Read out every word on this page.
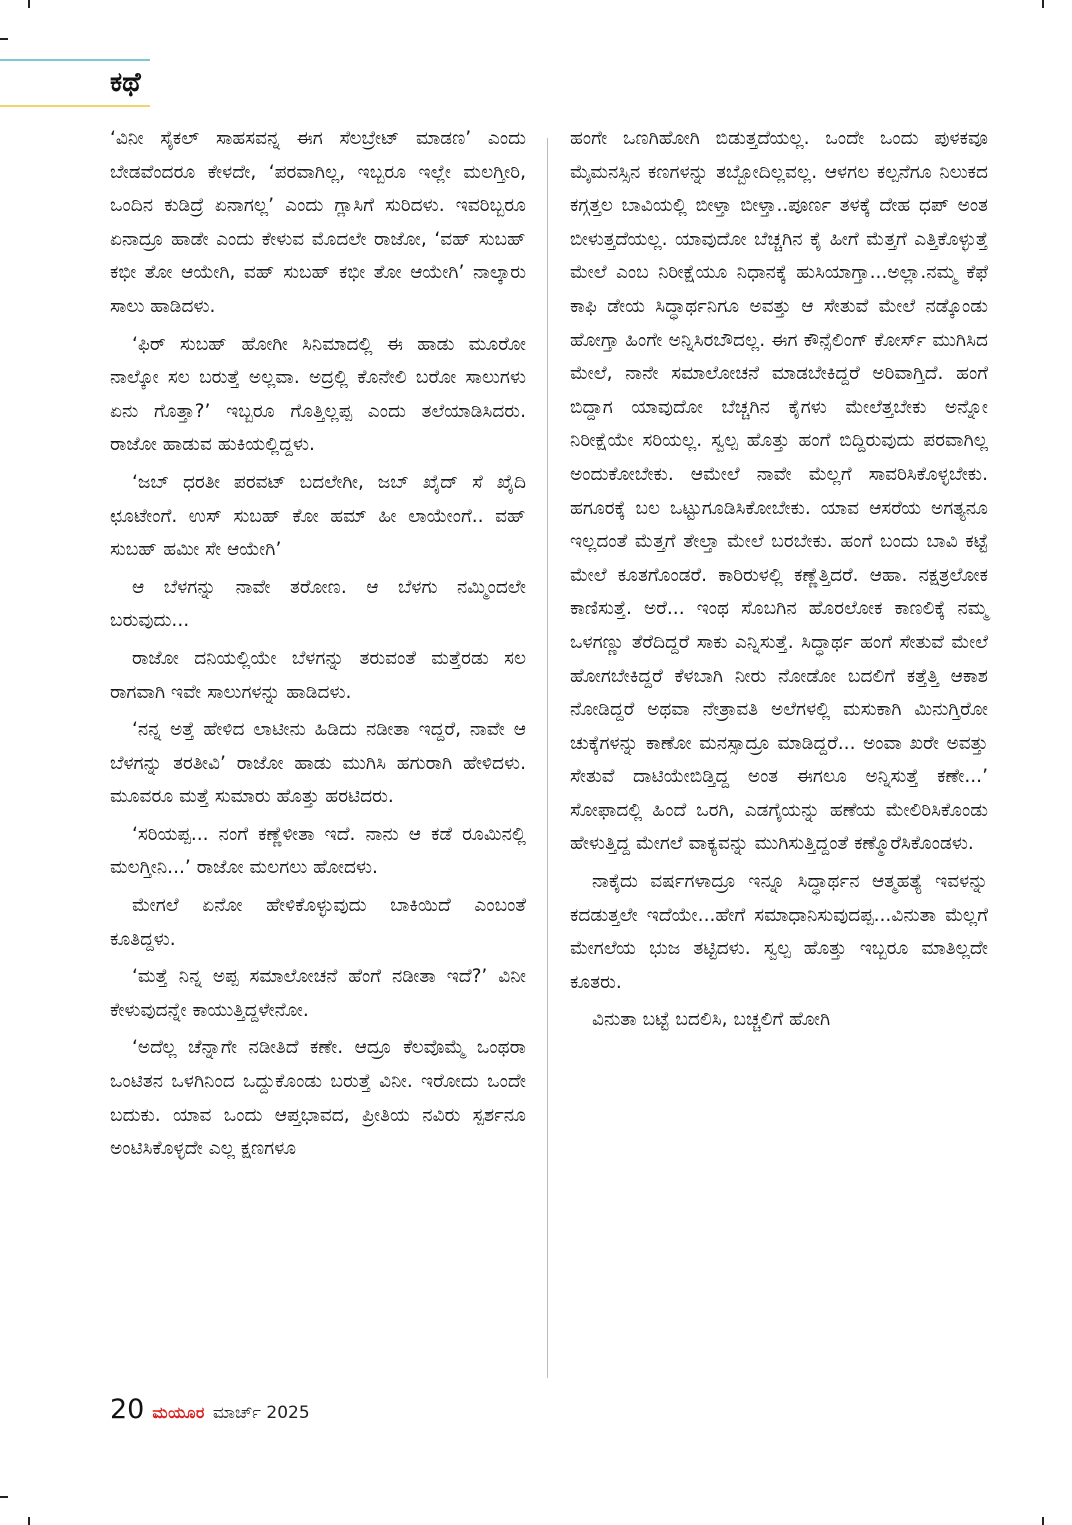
ಕಥೆ

‘ವಿನೀ ಸೈಕಲ್ ಸಾಹಸವನ್ನ ಈಗ ಸೆಲಬ್ರೇಟ್ ಮಾಡಣ’ ಎಂದು ಬೇಡವೆಂದರೂ ಕೇಳದೇ, ‘ಪರವಾಗಿಲ್ಲ, ಇಬ್ಬರೂ ಇಲ್ಲೇ ಮಲಗ್ತೀರಿ, ಒಂದಿನ ಕುಡಿದ್ರೆ ಏನಾಗಲ್ಲ’ ಎಂದು ಗ್ಲಾಸಿಗೆ ಸುರಿದಳು. ಇವರಿಬ್ಬರೂ ಏನಾದ್ರೂ ಹಾಡೇ ಎಂದು ಕೇಳುವ ಮೊದಲೇ ರಾಜೋ, ‘ವಹ್ ಸುಬಹ್ ಕಭೀ ತೋ ಆಯೇಗಿ, ವಹ್ ಸುಬಹ್ ಕಭೀ ತೋ ಆಯೇಗಿ’ ನಾಲ್ಕಾರು ಸಾಲು ಹಾಡಿದಳು.

‘ಫಿರ್ ಸುಬಹ್ ಹೋಗೀ ಸಿನಿಮಾದಲ್ಲಿ ಈ ಹಾಡು ಮೂರೋ ನಾಲ್ಕೋ ಸಲ ಬರುತ್ತೆ ಅಲ್ಲವಾ. ಅದ್ರಲ್ಲಿ ಕೊನೇಲಿ ಬರೋ ಸಾಲುಗಳು ಏನು ಗೊತ್ತಾ?’ ಇಬ್ಬರೂ ಗೊತ್ತಿಲ್ಲಪ್ಪ ಎಂದು ತಲೆಯಾಡಿಸಿದರು. ರಾಜೋ ಹಾಡುವ ಹುಕಿಯಲ್ಲಿದ್ದಳು.

‘ಜಬ್ ಧರತೀ ಪರವಟ್ ಬದಲೇಗೀ, ಜಬ್ ಖೈದ್ ಸೆ ಖೈದಿ ಛೂಟೇಂಗೆ. ಉಸ್ ಸುಬಹ್ ಕೋ ಹಮ್ ಹೀ ಲಾಯೇಂಗೆ.. ವಹ್ ಸುಬಹ್ ಹಮೀ ಸೇ ಆಯೇಗಿ’

ಆ ಬೆಳಗನ್ನು ನಾವೇ ತರೋಣ. ಆ ಬೆಳಗು ನಮ್ಮಿಂದಲೇ ಬರುವುದು...

ರಾಜೋ ದನಿಯಲ್ಲಿಯೇ ಬೆಳಗನ್ನು ತರುವಂತೆ ಮತ್ತೆರಡು ಸಲ ರಾಗವಾಗಿ ಇವೇ ಸಾಲುಗಳನ್ನು ಹಾಡಿದಳು.

‘ನನ್ನ ಅತ್ತೆ ಹೇಳಿದ ಲಾಟೀನು ಹಿಡಿದು ನಡೀತಾ ಇದ್ದರೆ, ನಾವೇ ಆ ಬೆಳಗನ್ನು ತರತೀವಿ’ ರಾಜೋ ಹಾಡು ಮುಗಿಸಿ ಹಗುರಾಗಿ ಹೇಳಿದಳು. ಮೂವರೂ ಮತ್ತೆ ಸುಮಾರು ಹೊತ್ತು ಹರಟಿದರು.

‘ಸರಿಯಪ್ಪ... ನಂಗೆ ಕಣ್ಣೆಳೀತಾ ಇದೆ. ನಾನು ಆ ಕಡೆ ರೂಮಿನಲ್ಲಿ ಮಲಗ್ತೀನಿ...’ ರಾಜೋ ಮಲಗಲು ಹೋದಳು.

ಮೇಗಲೆ ಏನೋ ಹೇಳಿಕೊಳ್ಳುವುದು ಬಾಕಿಯಿದೆ ಎಂಬಂತೆ ಕೂತಿದ್ದಳು.

‘ಮತ್ತೆ ನಿನ್ನ ಅಪ್ಪ ಸಮಾಲೋಚನೆ ಹೆಂಗೆ ನಡೀತಾ ಇದೆ?’ ವಿನೀ ಕೇಳುವುದನ್ನೇ ಕಾಯುತ್ತಿದ್ದಳೇನೋ.

‘ಅದೆಲ್ಲ ಚೆನ್ನಾಗೇ ನಡೀತಿದೆ ಕಣೇ. ಆದ್ರೂ ಕೆಲವೊಮ್ಮೆ ಒಂಥರಾ ಒಂಟಿತನ ಒಳಗಿನಿಂದ ಒದ್ದುಕೊಂಡು ಬರುತ್ತೆ ವಿನೀ. ಇರೋದು ಒಂದೇ ಬದುಕು. ಯಾವ ಒಂದು ಆಪ್ತಭಾವದ, ಪ್ರೀತಿಯ ನವಿರು ಸ್ಪರ್ಶನೂ ಅಂಟಿಸಿಕೊಳ್ಳದೇ ಎಲ್ಲ ಕ್ಷಣಗಳೂ

ಹಂಗೇ ಒಣಗಿಹೋಗಿ ಬಿಡುತ್ತದೆಯಲ್ಲ. ಒಂದೇ ಒಂದು ಪುಳಕವೂ ಮೈಮನಸ್ಸಿನ ಕಣಗಳನ್ನು ತಬ್ಬೋದಿಲ್ಲವಲ್ಲ. ಆಳಗಲ ಕಲ್ಪನೆಗೂ ನಿಲುಕದ ಕಗ್ಗತ್ತಲ ಬಾವಿಯಲ್ಲಿ ಬೀಳ್ತಾ ಬೀಳ್ತಾ..ಪೂರ್ಣ ತಳಕ್ಕೆ ದೇಹ ಧಪ್ ಅಂತ ಬೀಳುತ್ತದೆಯಲ್ಲ. ಯಾವುದೋ ಬೆಚ್ಚಗಿನ ಕೈ ಹೀಗೆ ಮೆತ್ತಗೆ ಎತ್ತಿಕೊಳ್ಳುತ್ತೆ ಮೇಲೆ ಎಂಬ ನಿರೀಕ್ಷೆಯೂ ನಿಧಾನಕ್ಕೆ ಹುಸಿಯಾಗ್ತಾ...ಅಲ್ಲಾ.ನಮ್ಮ ಕೆಫೆ ಕಾಫಿ ಡೇಯ ಸಿದ್ಧಾರ್ಥನಿಗೂ ಅವತ್ತು ಆ ಸೇತುವೆ ಮೇಲೆ ನಡ್ಕೊಂಡು ಹೋಗ್ತಾ ಹಿಂಗೇ ಅನ್ನಿಸಿರಬೌದಲ್ಲ. ಈಗ ಕೌನ್ಸೆಲಿಂಗ್ ಕೋರ್ಸ್ ಮುಗಿಸಿದ ಮೇಲೆ, ನಾನೇ ಸಮಾಲೋಚನೆ ಮಾಡಬೇಕಿದ್ದರೆ ಅರಿವಾಗ್ತಿದೆ. ಹಂಗೆ ಬಿದ್ದಾಗ ಯಾವುದೋ ಬೆಚ್ಚಗಿನ ಕೈಗಳು ಮೇಲೆತ್ತಬೇಕು ಅನ್ನೋ ನಿರೀಕ್ಷೆಯೇ ಸರಿಯಲ್ಲ. ಸ್ವಲ್ಪ ಹೊತ್ತು ಹಂಗೆ ಬಿದ್ದಿರುವುದು ಪರವಾಗಿಲ್ಲ ಅಂದುಕೋಬೇಕು. ಆಮೇಲೆ ನಾವೇ ಮೆಲ್ಲಗೆ ಸಾವರಿಸಿಕೊಳ್ಳಬೇಕು. ಹಗೂರಕ್ಕೆ ಬಲ ಒಟ್ಟುಗೂಡಿಸಿಕೋಬೇಕು. ಯಾವ ಆಸರೆಯ ಅಗತ್ಯನೂ ಇಲ್ಲದಂತೆ ಮೆತ್ತಗೆ ತೇಲ್ತಾ ಮೇಲೆ ಬರಬೇಕು. ಹಂಗೆ ಬಂದು ಬಾವಿ ಕಟ್ಟೆ ಮೇಲೆ ಕೂತಗೊಂಡರೆ. ಕಾರಿರುಳಲ್ಲಿ ಕಣ್ಣೆತ್ತಿದರೆ. ಆಹಾ. ನಕ್ಷತ್ರಲೋಕ ಕಾಣಿಸುತ್ತೆ. ಅರೆ... ಇಂಥ ಸೊಬಗಿನ ಹೊರಲೋಕ ಕಾಣಲಿಕ್ಕೆ ನಮ್ಮ ಒಳಗಣ್ಣು ತೆರೆದಿದ್ದರೆ ಸಾಕು ಎನ್ನಿಸುತ್ತೆ. ಸಿದ್ಧಾರ್ಥ ಹಂಗೆ ಸೇತುವೆ ಮೇಲೆ ಹೋಗಬೇಕಿದ್ದರೆ ಕೆಳಬಾಗಿ ನೀರು ನೋಡೋ ಬದಲಿಗೆ ಕತ್ತೆತ್ತಿ ಆಕಾಶ ನೋಡಿದ್ದರೆ ಅಥವಾ ನೇತ್ರಾವತಿ ಅಲೆಗಳಲ್ಲಿ ಮಸುಕಾಗಿ ಮಿನುಗ್ತಿರೋ ಚುಕ್ಕೆಗಳನ್ನು ಕಾಣೋ ಮನಸ್ಸಾದ್ರೂ ಮಾಡಿದ್ದರೆ... ಅಂವಾ ಖರೇ ಅವತ್ತು ಸೇತುವೆ ದಾಟಿಯೇಬಿಡ್ತಿದ್ದ ಅಂತ ಈಗಲೂ ಅನ್ನಿಸುತ್ತೆ ಕಣೇ...’ ಸೋಫಾದಲ್ಲಿ ಹಿಂದೆ ಒರಗಿ, ಎಡಗೈಯನ್ನು ಹಣೆಯ ಮೇಲಿರಿಸಿಕೊಂಡು ಹೇಳುತ್ತಿದ್ದ ಮೇಗಲೆ ವಾಕ್ಯವನ್ನು ಮುಗಿಸುತ್ತಿದ್ದಂತೆ ಕಣ್ಮೊರೆಸಿಕೊಂಡಳು.

ನಾಕೈದು ವರ್ಷಗಳಾದ್ರೂ ಇನ್ನೂ ಸಿದ್ಧಾರ್ಥನ ಆತ್ಮಹತ್ಯೆ ಇವಳನ್ನು ಕದಡುತ್ತಲೇ ಇದೆಯೇ...ಹೇಗೆ ಸಮಾಧಾನಿಸುವುದಪ್ಪ...ವಿನುತಾ ಮೆಲ್ಲಗೆ ಮೇಗಲೆಯ ಭುಜ ತಟ್ಟಿದಳು. ಸ್ವಲ್ಪ ಹೊತ್ತು ಇಬ್ಬರೂ ಮಾತಿಲ್ಲದೇ ಕೂತರು.

ವಿನುತಾ ಬಟ್ಟೆ ಬದಲಿಸಿ, ಬಚ್ಚಲಿಗೆ ಹೋಗಿ

20 ಮಯೂರ ಮಾರ್ಚ್ 2025
